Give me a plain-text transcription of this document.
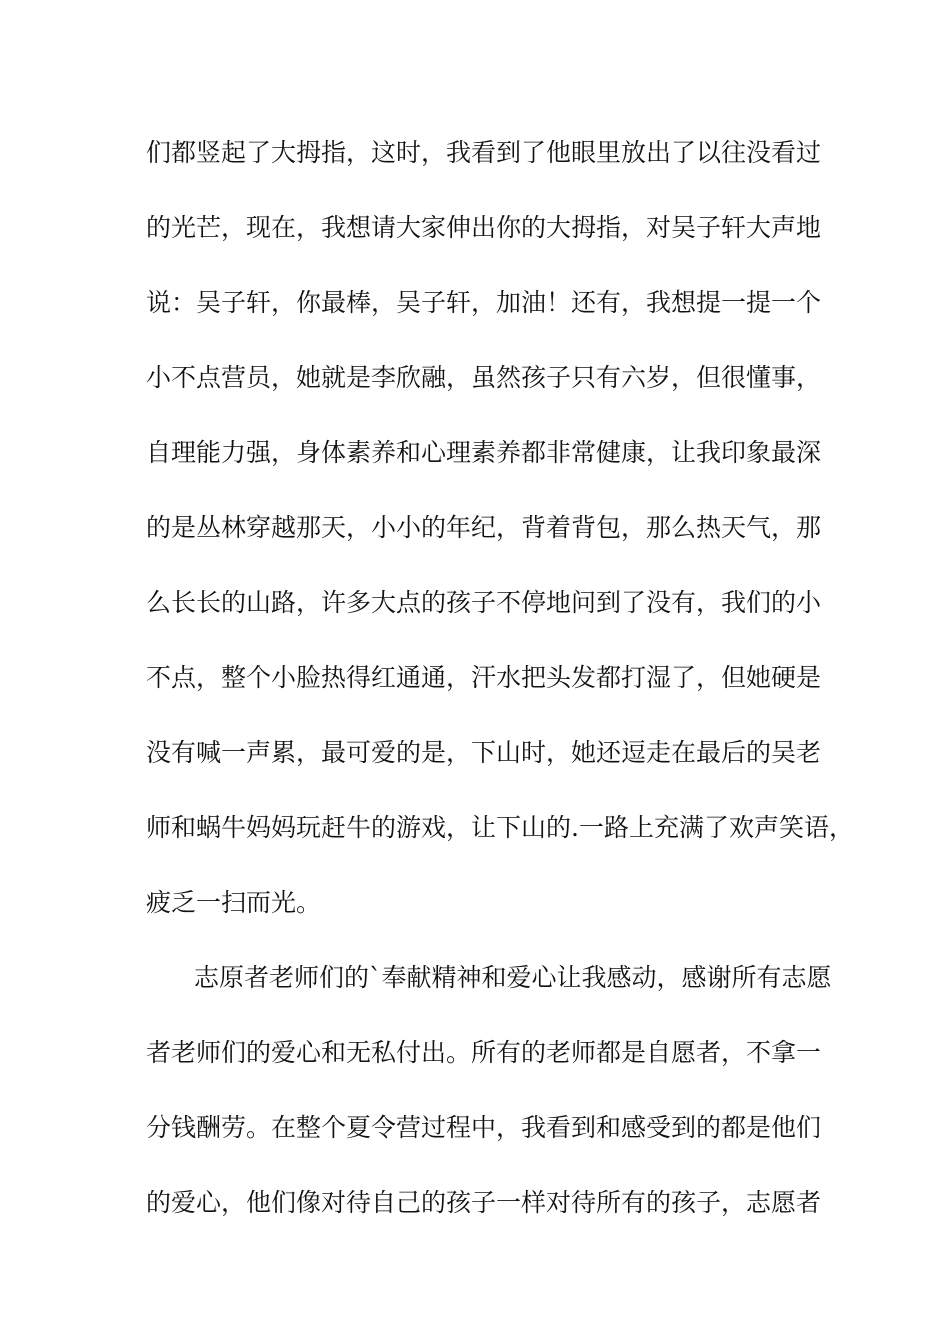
们都竖起了大拇指，这时，我看到了他眼里放出了以往没看过
的光芒，现在，我想请大家伸出你的大拇指，对吴子轩大声地
说：吴子轩，你最棒，吴子轩，加油！还有，我想提一提一个
小不点营员，她就是李欣融，虽然孩子只有六岁，但很懂事，
自理能力强，身体素养和心理素养都非常健康，让我印象最深
的是丛林穿越那天，小小的年纪，背着背包，那么热天气，那
么长长的山路，许多大点的孩子不停地问到了没有，我们的小
不点，整个小脸热得红通通，汗水把头发都打湿了，但她硬是
没有喊一声累，最可爱的是，下山时，她还逗走在最后的吴老
师和蜗牛妈妈玩赶牛的游戏，让下山的.一路上充满了欢声笑语，
疲乏一扫而光。
志原者老师们的`奉献精神和爱心让我感动，感谢所有志愿
者老师们的爱心和无私付出。所有的老师都是自愿者，不拿一
分钱酬劳。在整个夏令营过程中，我看到和感受到的都是他们
的爱心，他们像对待自己的孩子一样对待所有的孩子，志愿者
